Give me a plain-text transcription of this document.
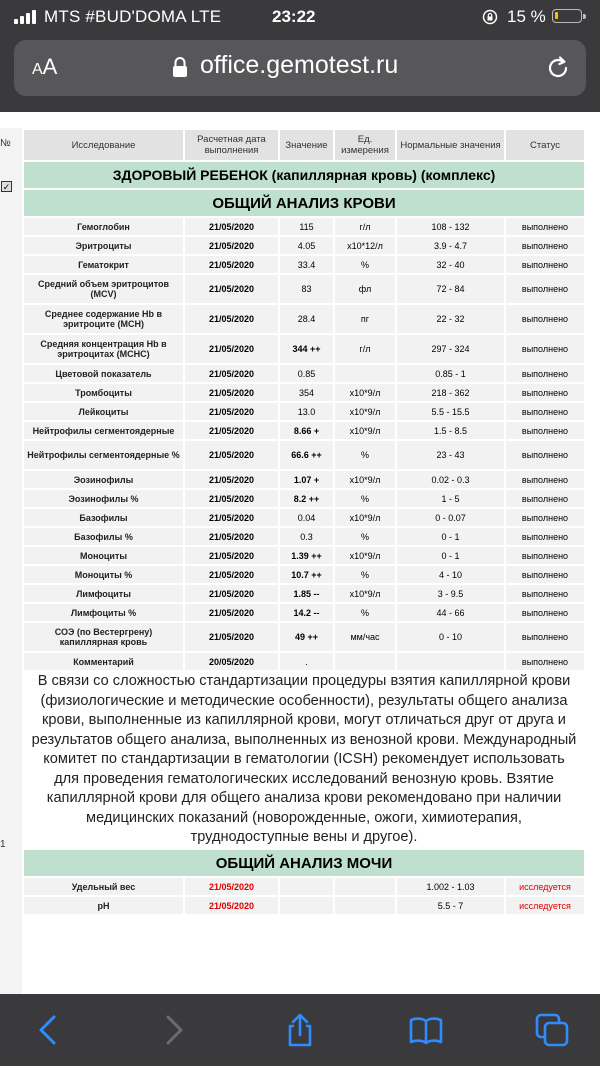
MTS #BUD'DOMA LTE	23:22	15 %
AA	office.gemotest.ru
№
✓
1
Исследование	Расчетная дата выполнения	Значение	Ед. измерения	Нормальные значения	Статус
ЗДОРОВЫЙ РЕБЕНОК (капиллярная кровь) (комплекс)					
ОБЩИЙ АНАЛИЗ КРОВИ					
Гемоглобин	21/05/2020	115	г/л	108 - 132	выполнено
Эритроциты	21/05/2020	4.05	x10*12/л	3.9 - 4.7	выполнено
Гематокрит	21/05/2020	33.4	%	32 - 40	выполнено
Средний объем эритроцитов (MCV)	21/05/2020	83	фл	72 - 84	выполнено
Среднее содержание Hb в эритроците (MCH)	21/05/2020	28.4	пг	22 - 32	выполнено
Средняя концентрация Hb в эритроцитах (MCHC)	21/05/2020	344 ++	г/л	297 - 324	выполнено
Цветовой показатель	21/05/2020	0.85		0.85 - 1	выполнено
Тромбоциты	21/05/2020	354	x10*9/л	218 - 362	выполнено
Лейкоциты	21/05/2020	13.0	x10*9/л	5.5 - 15.5	выполнено
Нейтрофилы сегментоядерные	21/05/2020	8.66 +	x10*9/л	1.5 - 8.5	выполнено
Нейтрофилы сегментоядерные %	21/05/2020	66.6 ++	%	23 - 43	выполнено
Эозинофилы	21/05/2020	1.07 +	x10*9/л	0.02 - 0.3	выполнено
Эозинофилы %	21/05/2020	8.2 ++	%	1 - 5	выполнено
Базофилы	21/05/2020	0.04	x10*9/л	0 - 0.07	выполнено
Базофилы %	21/05/2020	0.3	%	0 - 1	выполнено
Моноциты	21/05/2020	1.39 ++	x10*9/л	0 - 1	выполнено
Моноциты %	21/05/2020	10.7 ++	%	4 - 10	выполнено
Лимфоциты	21/05/2020	1.85 --	x10*9/л	3 - 9.5	выполнено
Лимфоциты %	21/05/2020	14.2 --	%	44 - 66	выполнено
СОЭ (по Вестергрену) капиллярная кровь	21/05/2020	49 ++	мм/час	0 - 10	выполнено
Комментарий	20/05/2020	.			выполнено
В связи со сложностью стандартизации процедуры взятия капиллярной крови (физиологические и методические особенности), результаты общего анализа крови, выполненные из капиллярной крови, могут отличаться друг от друга и результатов общего анализа, выполненных из венозной крови. Международный комитет по стандартизации в гематологии (ICSH) рекомендует использовать для проведения гематологических исследований венозную кровь. Взятие капиллярной крови для общего анализа крови рекомендовано при наличии медицинских показаний (новорожденные, ожоги, химиотерапия, труднодоступные вены и другое).					
ОБЩИЙ АНАЛИЗ МОЧИ					
Удельный вес	21/05/2020			1.002 - 1.03	исследуется
pH	21/05/2020			5.5 - 7	исследуется
